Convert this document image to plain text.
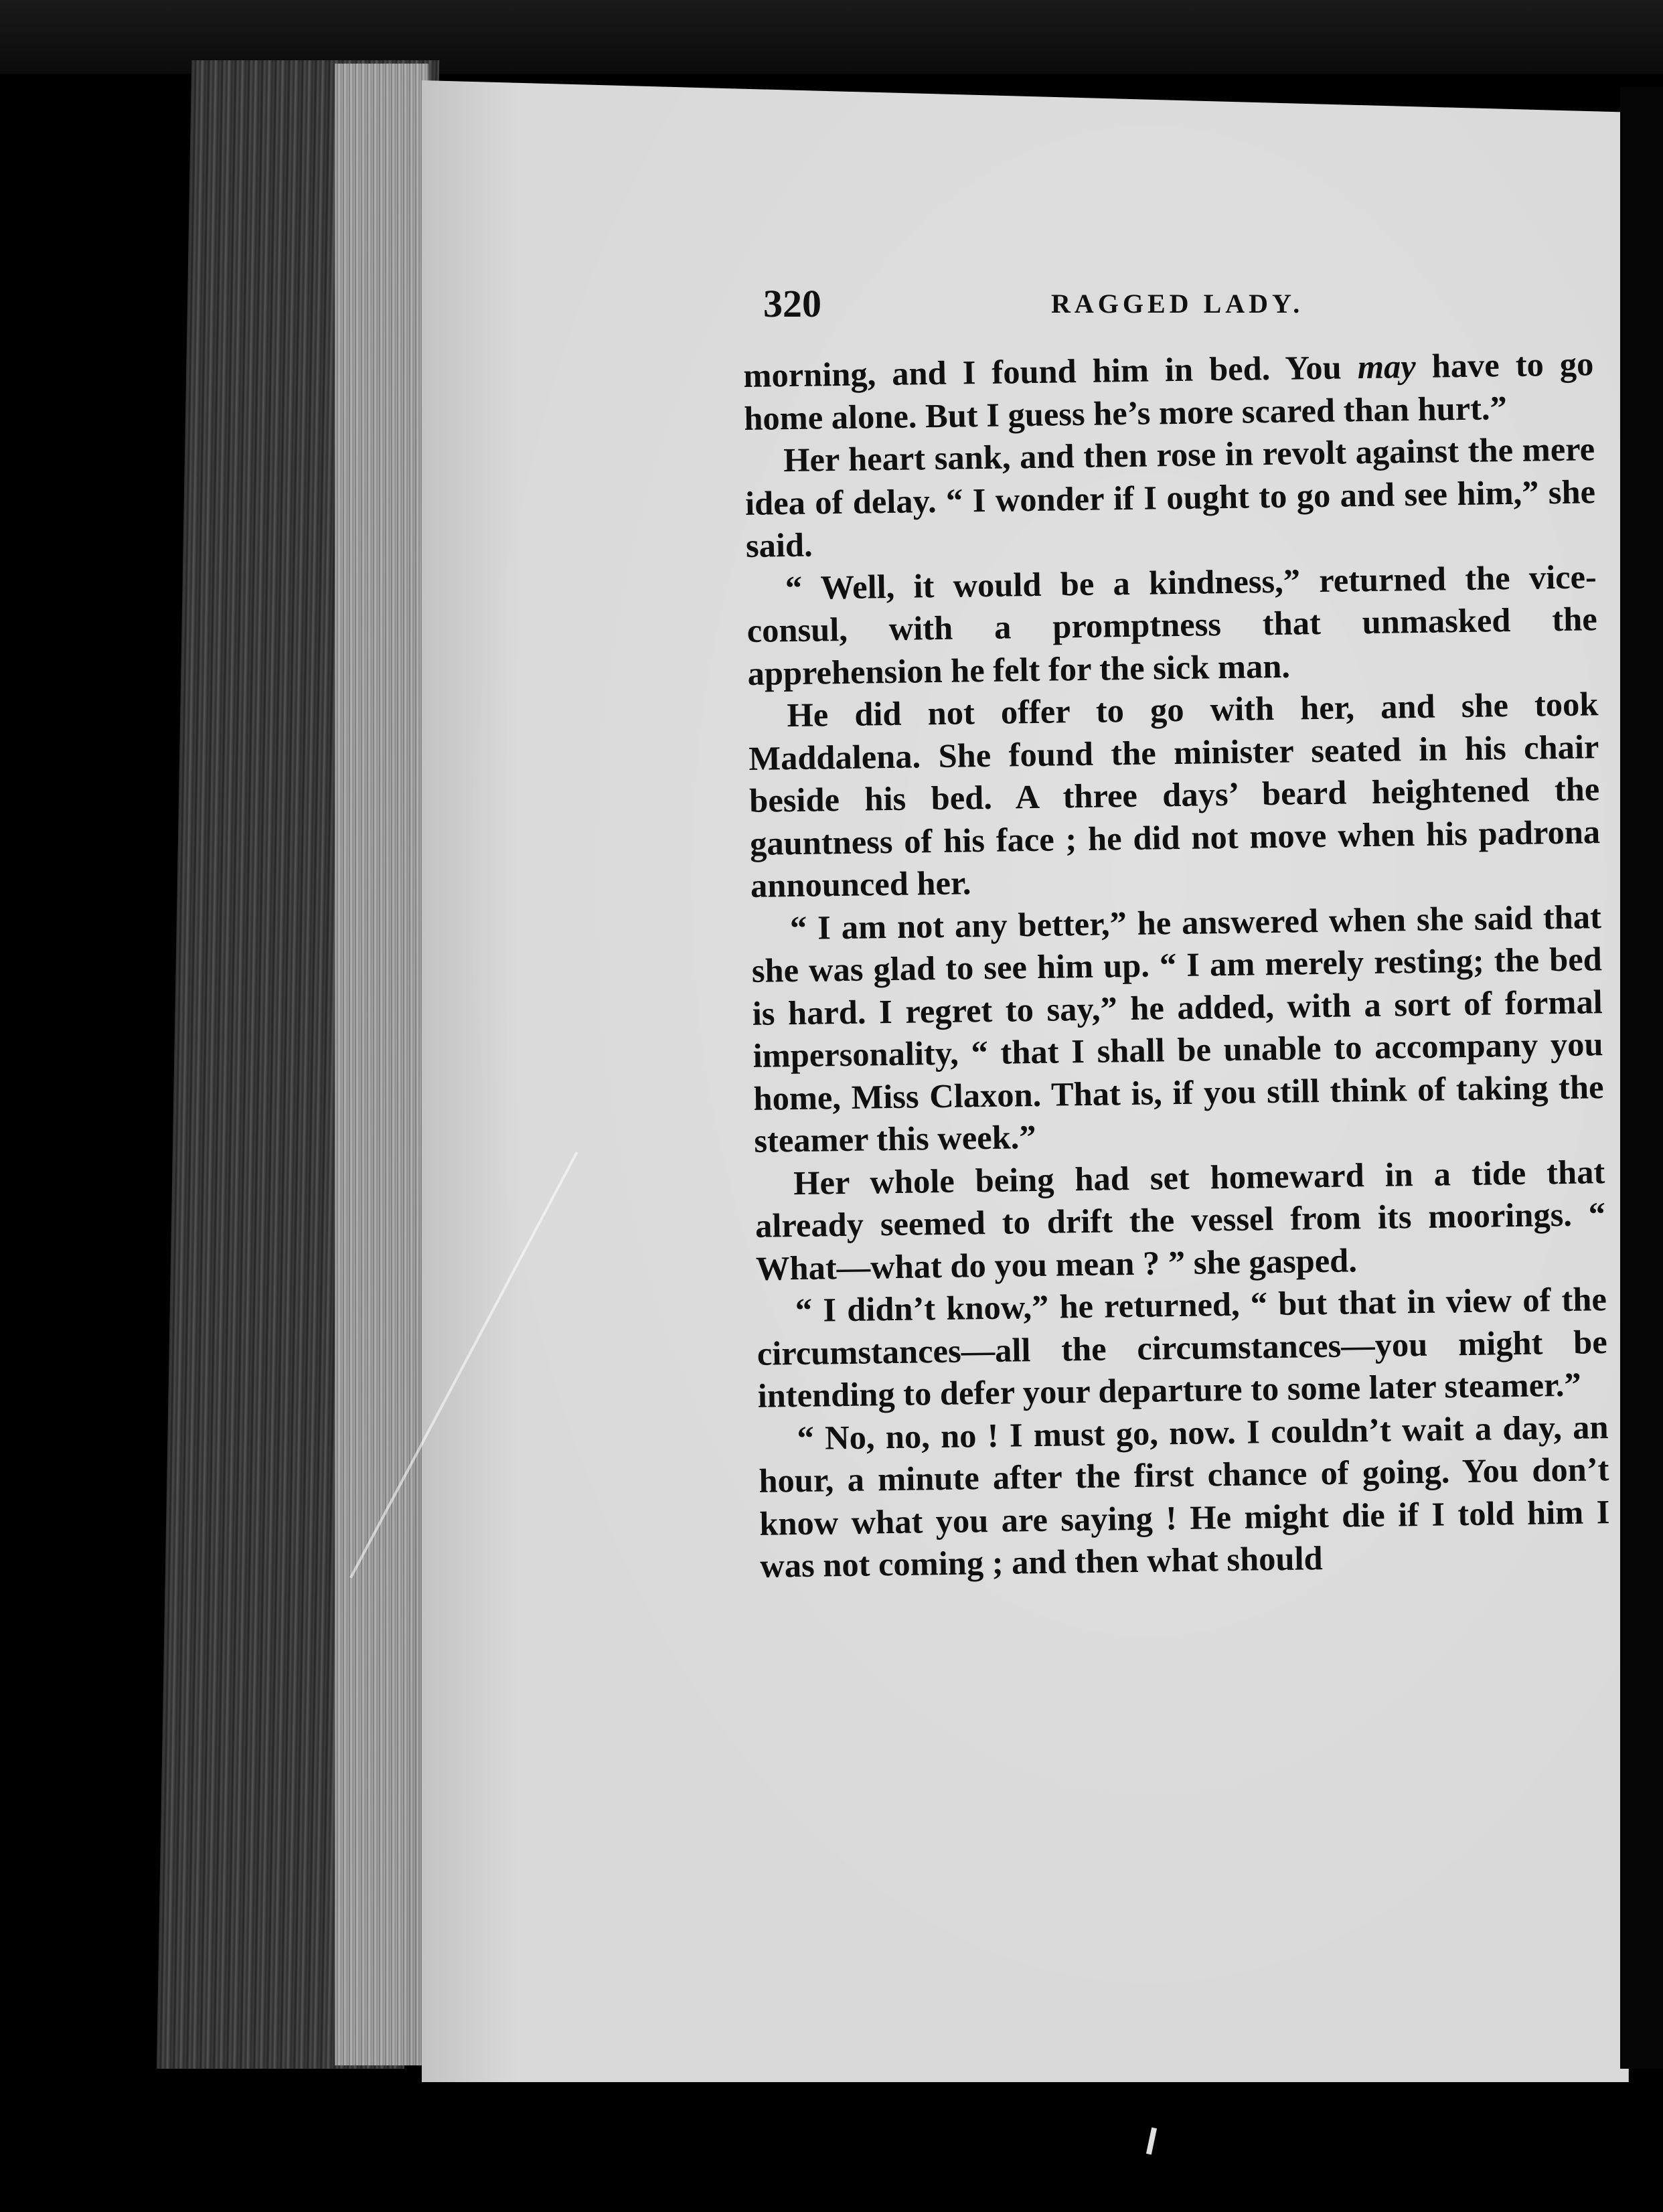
320	RAGGED LADY.

morning, and I found him in bed. You may have to go home alone. But I guess he’s more scared than hurt.”

Her heart sank, and then rose in revolt against the mere idea of delay. “ I wonder if I ought to go and see him,” she said.

“ Well, it would be a kindness,” returned the vice-consul, with a promptness that unmasked the apprehension he felt for the sick man.

He did not offer to go with her, and she took Maddalena. She found the minister seated in his chair beside his bed. A three days’ beard heightened the gauntness of his face ; he did not move when his padrona announced her.

“ I am not any better,” he answered when she said that she was glad to see him up. “ I am merely resting; the bed is hard. I regret to say,” he added, with a sort of formal impersonality, “ that I shall be unable to accompany you home, Miss Claxon. That is, if you still think of taking the steamer this week.”

Her whole being had set homeward in a tide that already seemed to drift the vessel from its moorings. “ What—what do you mean ? ” she gasped.

“ I didn’t know,” he returned, “ but that in view of the circumstances—all the circumstances—you might be intending to defer your departure to some later steamer.”

“ No, no, no ! I must go, now. I couldn’t wait a day, an hour, a minute after the first chance of going. You don’t know what you are saying ! He might die if I told him I was not coming ; and then what should
